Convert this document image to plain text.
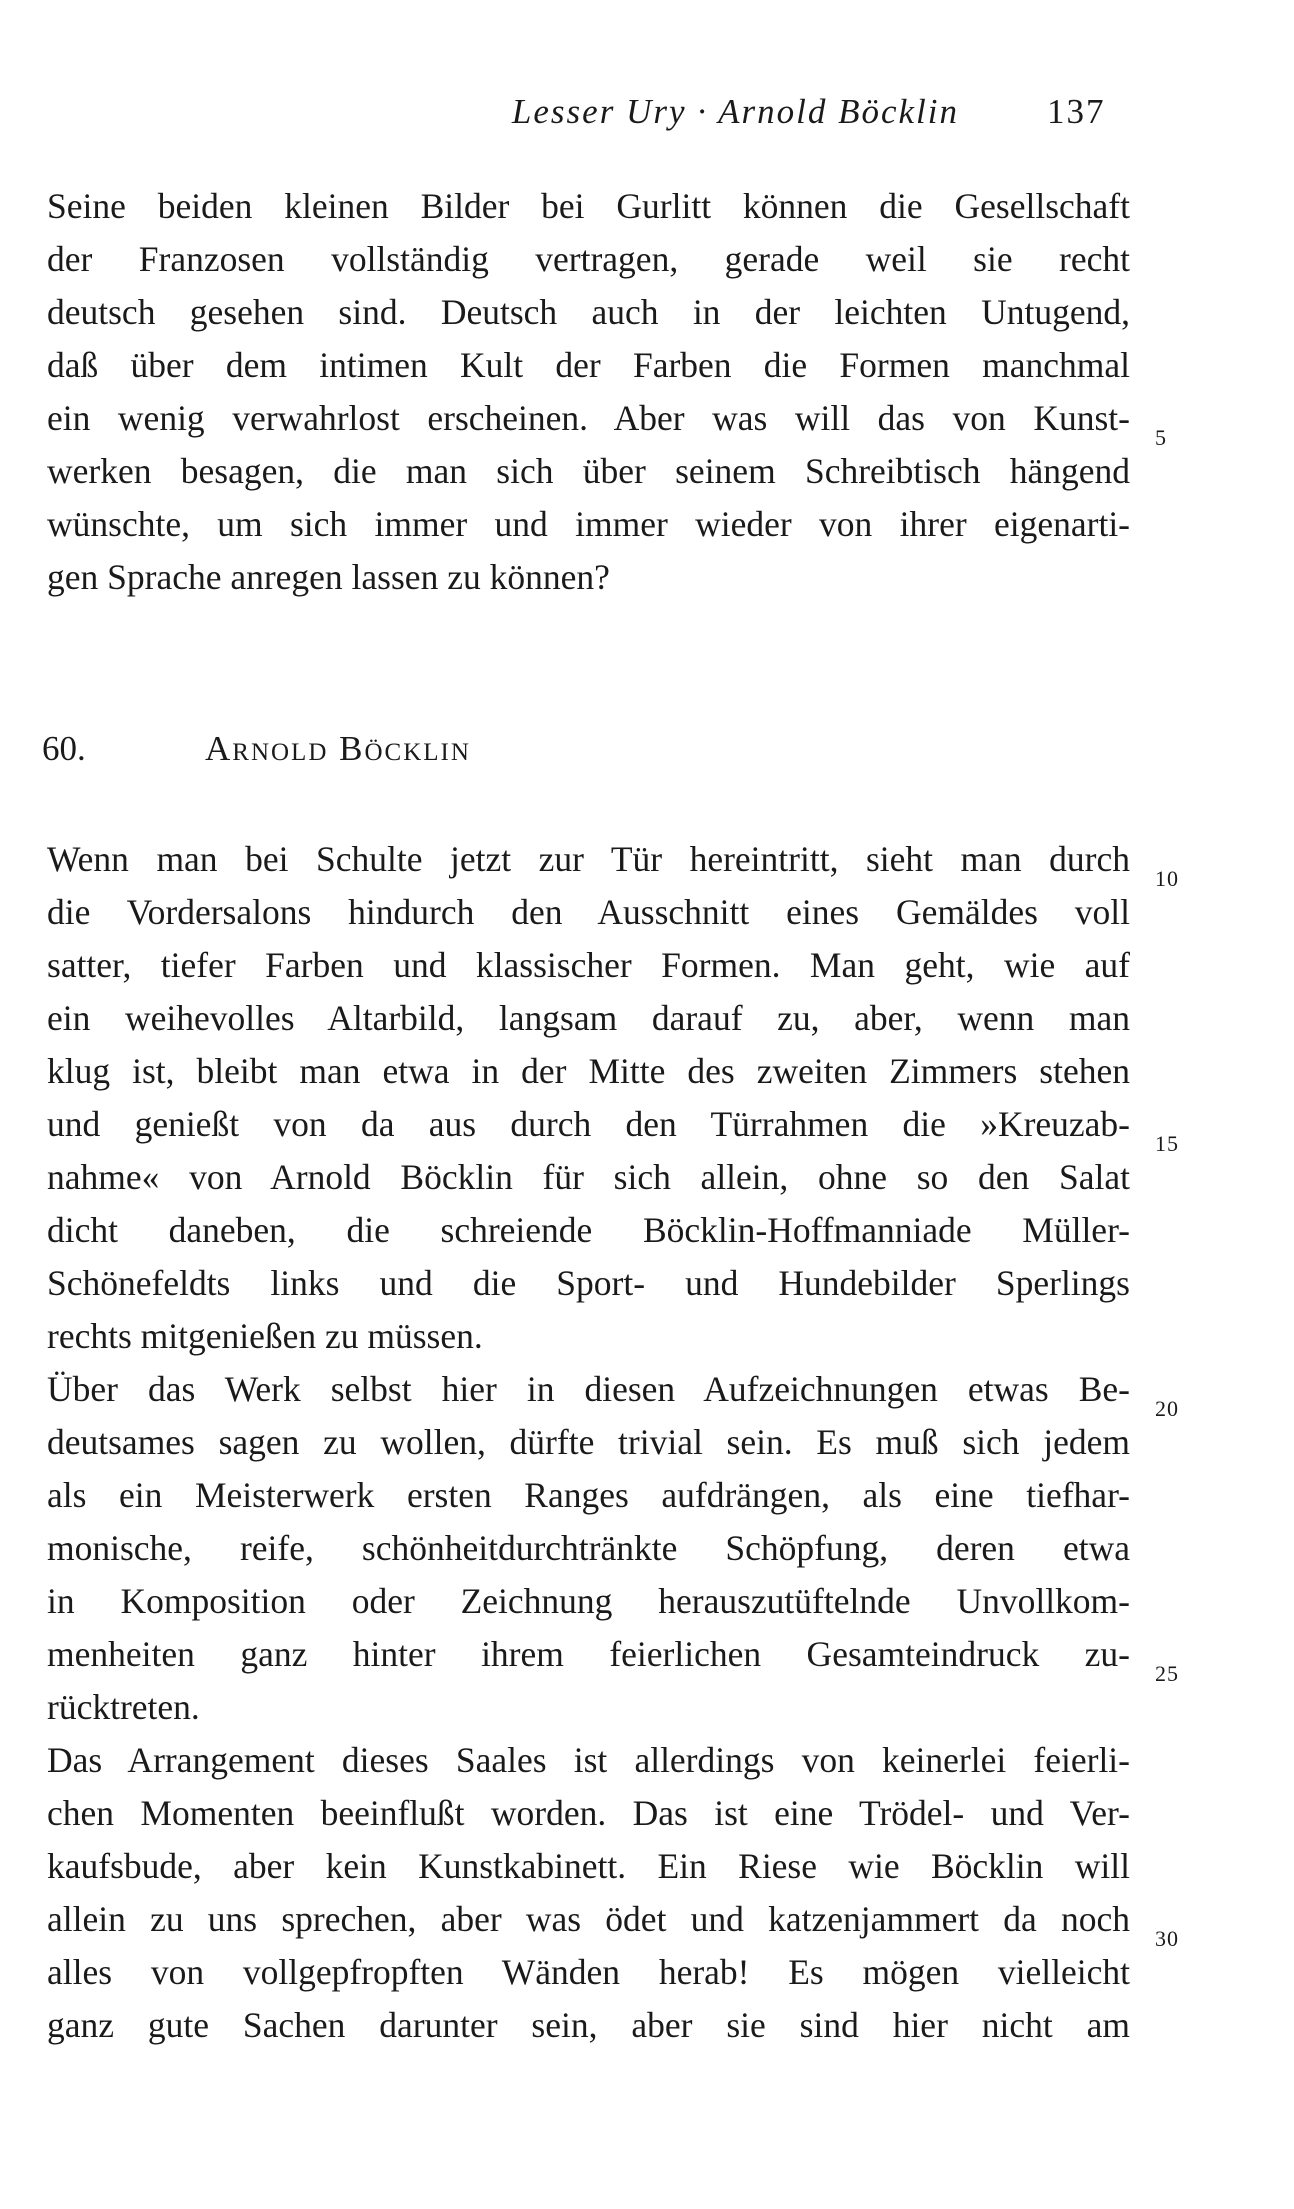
Lesser Ury · Arnold Böcklin	137
Seine beiden kleinen Bilder bei Gurlitt können die Gesellschaft
der Franzosen vollständig vertragen, gerade weil sie recht
deutsch gesehen sind. Deutsch auch in der leichten Untugend,
daß über dem intimen Kult der Farben die Formen manchmal
ein wenig verwahrlost erscheinen. Aber was will das von Kunst-
werken besagen, die man sich über seinem Schreibtisch hängend
wünschte, um sich immer und immer wieder von ihrer eigenarti-
gen Sprache anregen lassen zu können?
60.	Arnold Böcklin
Wenn man bei Schulte jetzt zur Tür hereintritt, sieht man durch
die Vordersalons hindurch den Ausschnitt eines Gemäldes voll
satter, tiefer Farben und klassischer Formen. Man geht, wie auf
ein weihevolles Altarbild, langsam darauf zu, aber, wenn man
klug ist, bleibt man etwa in der Mitte des zweiten Zimmers stehen
und genießt von da aus durch den Türrahmen die »Kreuzab-
nahme« von Arnold Böcklin für sich allein, ohne so den Salat
dicht daneben, die schreiende Böcklin-Hoffmanniade Müller-
Schönefeldts links und die Sport- und Hundebilder Sperlings
rechts mitgenießen zu müssen.
Über das Werk selbst hier in diesen Aufzeichnungen etwas Be-
deutsames sagen zu wollen, dürfte trivial sein. Es muß sich jedem
als ein Meisterwerk ersten Ranges aufdrängen, als eine tiefhar-
monische, reife, schönheitdurchtränkte Schöpfung, deren etwa
in Komposition oder Zeichnung herauszutüftelnde Unvollkom-
menheiten ganz hinter ihrem feierlichen Gesamteindruck zu-
rücktreten.
Das Arrangement dieses Saales ist allerdings von keinerlei feierli-
chen Momenten beeinflußt worden. Das ist eine Trödel- und Ver-
kaufsbude, aber kein Kunstkabinett. Ein Riese wie Böcklin will
allein zu uns sprechen, aber was ödet und katzenjammert da noch
alles von vollgepfropften Wänden herab! Es mögen vielleicht
ganz gute Sachen darunter sein, aber sie sind hier nicht am
5
10
15
20
25
30
